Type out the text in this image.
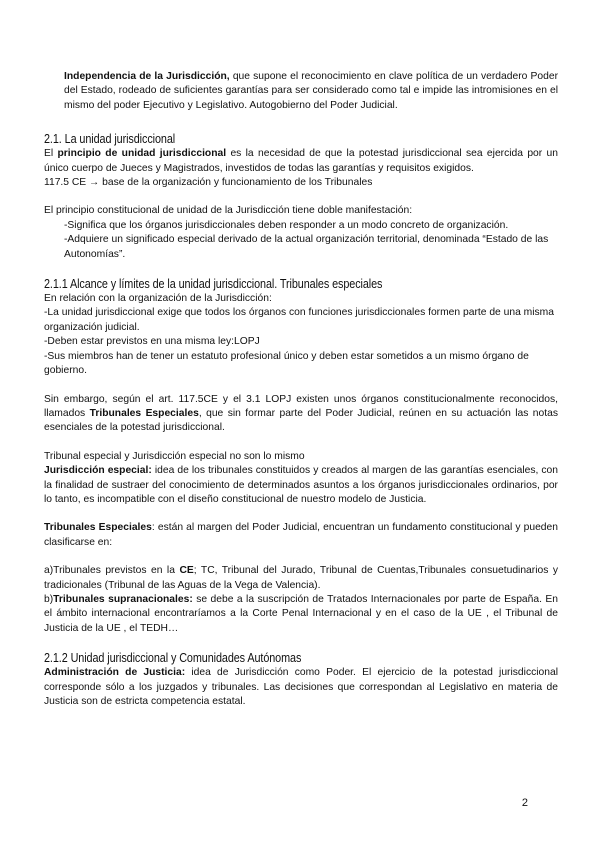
Independencia de la Jurisdicción, que supone el reconocimiento en clave política de un verdadero Poder del Estado, rodeado de suficientes garantías para ser considerado como tal e impide las intromisiones en el mismo del poder Ejecutivo y Legislativo. Autogobierno del Poder Judicial.

2.1. La unidad jurisdiccional

El principio de unidad jurisdiccional es la necesidad de que la potestad jurisdiccional sea ejercida por un único cuerpo de Jueces y Magistrados, investidos de todas las garantías y requisitos exigidos.

117.5 CE → base de la organización y funcionamiento de los Tribunales

El principio constitucional de unidad de la Jurisdicción tiene doble manifestación:

-Significa que los órganos jurisdiccionales deben responder a un modo concreto de organización.

-Adquiere un significado especial derivado de la actual organización territorial, denominada “Estado de las Autonomías”.

2.1.1 Alcance y límites de la unidad jurisdiccional. Tribunales especiales

En relación con la organización de la Jurisdicción:

-La unidad jurisdiccional exige que todos los órganos con funciones jurisdiccionales formen parte de una misma organización judicial.

-Deben estar previstos en una misma ley:LOPJ

-Sus miembros han de tener un estatuto profesional único y deben estar sometidos a un mismo órgano de gobierno.

Sin embargo, según el art. 117.5CE y el 3.1 LOPJ existen unos órganos constitucionalmente reconocidos, llamados Tribunales Especiales, que sin formar parte del Poder Judicial, reúnen en su actuación las notas esenciales de la potestad jurisdiccional.

Tribunal especial y Jurisdicción especial no son lo mismo

Jurisdicción especial: idea de los tribunales constituidos y creados al margen de las garantías esenciales, con la finalidad de sustraer del conocimiento de determinados asuntos a los órganos jurisdiccionales ordinarios, por lo tanto, es incompatible con el diseño constitucional de nuestro modelo de Justicia.

Tribunales Especiales: están al margen del Poder Judicial, encuentran un fundamento constitucional y pueden clasificarse en:

a)Tribunales previstos en la CE; TC, Tribunal del Jurado, Tribunal de Cuentas,Tribunales consuetudinarios y tradicionales (Tribunal de las Aguas de la Vega de Valencia).

b)Tribunales supranacionales: se debe a la suscripción de Tratados Internacionales por parte de España. En el ámbito internacional encontraríamos a la Corte Penal Internacional y en el caso de la UE , el Tribunal de Justicia de la UE , el TEDH…

2.1.2 Unidad jurisdiccional y Comunidades Autónomas

Administración de Justicia: idea de Jurisdicción como Poder. El ejercicio de la potestad jurisdiccional corresponde sólo a los juzgados y tribunales. Las decisiones que correspondan al Legislativo en materia de Justicia son de estricta competencia estatal.

2
